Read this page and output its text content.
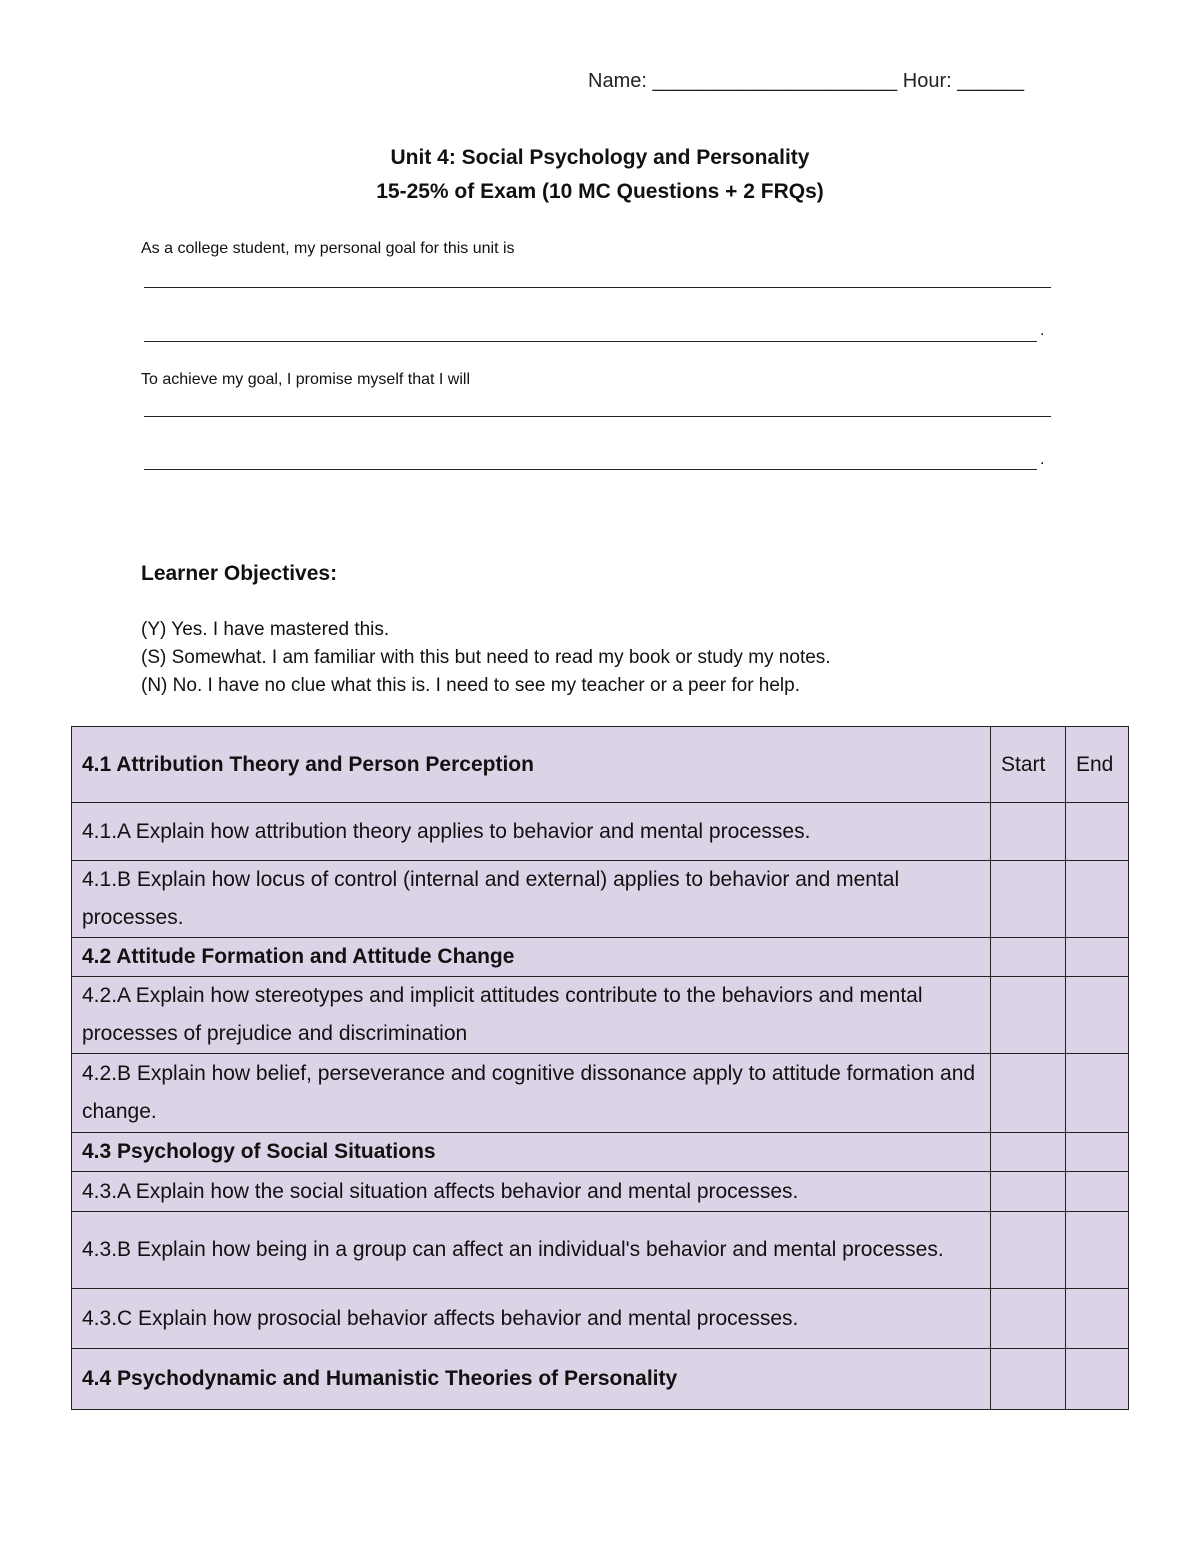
Name: ______________________ Hour: ______
Unit 4: Social Psychology and Personality
15-25% of Exam (10 MC Questions + 2 FRQs)
As a college student, my personal goal for this unit is
.
To achieve my goal, I promise myself that I will
.
Learner Objectives:
(Y) Yes. I have mastered this.
(S) Somewhat. I am familiar with this but need to read my book or study my notes.
(N) No. I have no clue what this is. I need to see my teacher or a peer for help.
4.1 Attribution Theory and Person Perception	Start	End
4.1.A Explain how attribution theory applies to behavior and mental processes.		
4.1.B Explain how locus of control (internal and external) applies to behavior and mental processes.		
4.2 Attitude Formation and Attitude Change		
4.2.A Explain how stereotypes and implicit attitudes contribute to the behaviors and mental processes of prejudice and discrimination		
4.2.B Explain how belief, perseverance and cognitive dissonance apply to attitude formation and change.		
4.3 Psychology of Social Situations		
4.3.A Explain how the social situation affects behavior and mental processes.		
4.3.B Explain how being in a group can affect an individual's behavior and mental processes.		
4.3.C Explain how prosocial behavior affects behavior and mental processes.		
4.4 Psychodynamic and Humanistic Theories of Personality		
